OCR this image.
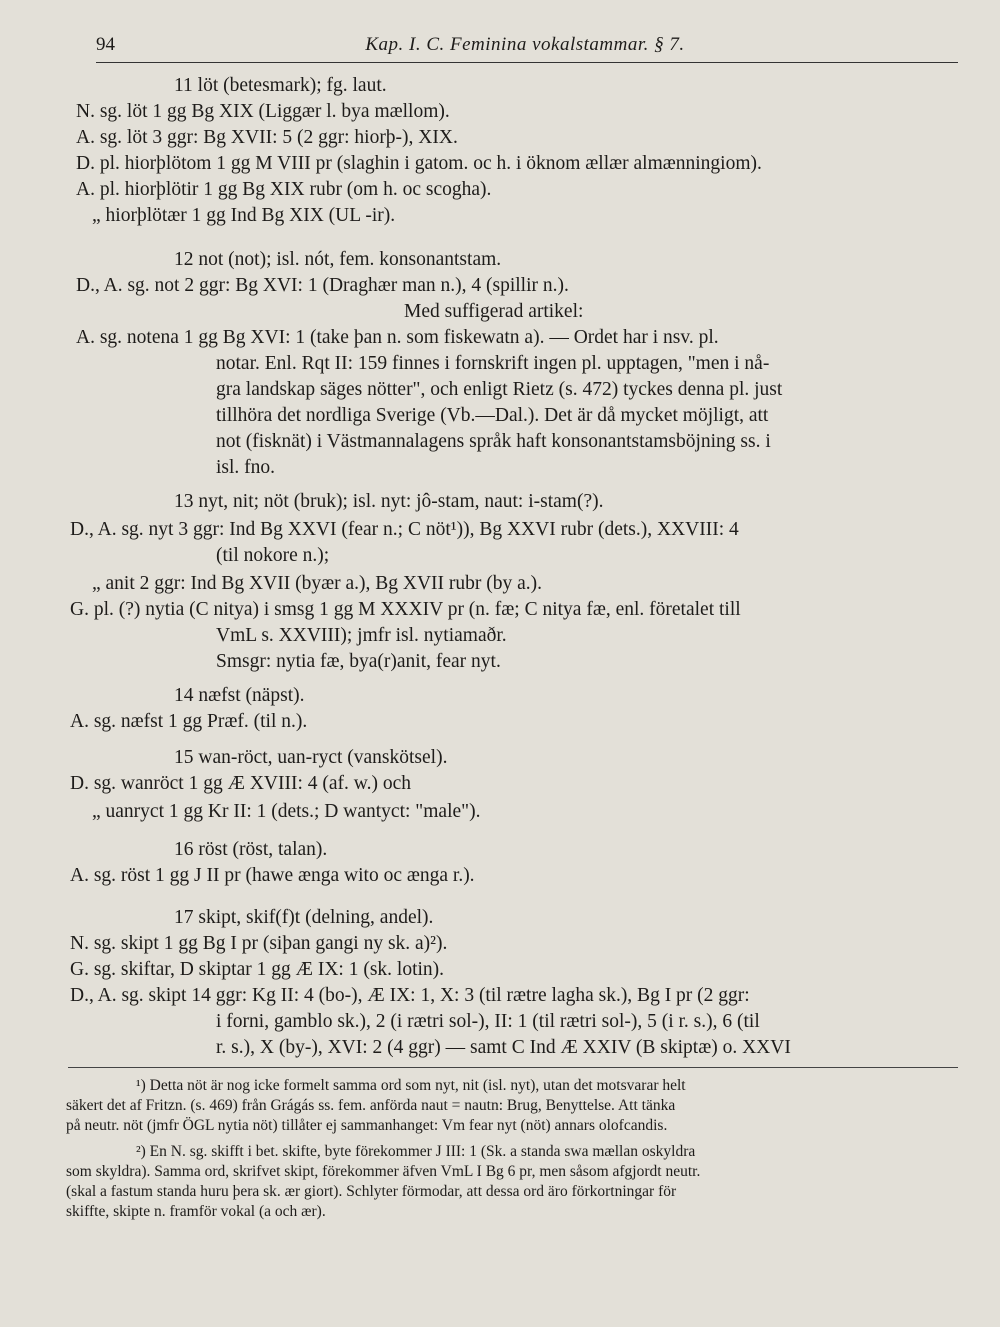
94	Kap. I. C. Feminina vokalstammar. § 7.
11 löt (betesmark); fg. laut.
N. sg. löt 1 gg Bg XIX (Liggær l. bya mællom).
A. sg. löt 3 ggr: Bg XVII: 5 (2 ggr: hiorþ-), XIX.
D. pl. hiorþlötom 1 gg M VIII pr (slaghin i gatom. oc h. i öknom ællær almænningiom).
A. pl. hiorþlötir 1 gg Bg XIX rubr (om h. oc scogha).
„ hiorþlötær 1 gg Ind Bg XIX (UL -ir).
12 not (not); isl. nót, fem. konsonantstam.
D., A. sg. not 2 ggr: Bg XVI: 1 (Draghær man n.), 4 (spillir n.).
Med suffigerad artikel:
A. sg. notena 1 gg Bg XVI: 1 (take þan n. som fiskewatn a). — Ordet har i nsv. pl.
notar. Enl. Rqt II: 159 finnes i fornskrift ingen pl. upptagen, "men i nå-
gra landskap säges nötter", och enligt Rietz (s. 472) tyckes denna pl. just
tillhöra det nordliga Sverige (Vb.—Dal.). Det är då mycket möjligt, att
not (fisknät) i Västmannalagens språk haft konsonantstamsböjning ss. i
isl. fno.
13 nyt, nit; nöt (bruk); isl. nyt: jô-stam, naut: i-stam(?).
D., A. sg. nyt 3 ggr: Ind Bg XXVI (fear n.; C nöt¹)), Bg XXVI rubr (dets.), XXVIII: 4
(til nokore n.);
„ anit 2 ggr: Ind Bg XVII (byær a.), Bg XVII rubr (by a.).
G. pl. (?) nytia (C nitya) i smsg 1 gg M XXXIV pr (n. fæ; C nitya fæ, enl. företalet till
VmL s. XXVIII); jmfr isl. nytiamaðr.
Smsgr: nytia fæ, bya(r)anit, fear nyt.
14 næfst (näpst).
A. sg. næfst 1 gg Præf. (til n.).
15 wan-röct, uan-ryct (vanskötsel).
D. sg. wanröct 1 gg Æ XVIII: 4 (af. w.) och
„ uanryct 1 gg Kr II: 1 (dets.; D wantyct: "male").
16 röst (röst, talan).
A. sg. röst 1 gg J II pr (hawe ænga wito oc ænga r.).
17 skipt, skif(f)t (delning, andel).
N. sg. skipt 1 gg Bg I pr (siþan gangi ny sk. a)²).
G. sg. skiftar, D skiptar 1 gg Æ IX: 1 (sk. lotin).
D., A. sg. skipt 14 ggr: Kg II: 4 (bo-), Æ IX: 1, X: 3 (til rætre lagha sk.), Bg I pr (2 ggr:
i forni, gamblo sk.), 2 (i rætri sol-), II: 1 (til rætri sol-), 5 (i r. s.), 6 (til
r. s.), X (by-), XVI: 2 (4 ggr) — samt C Ind Æ XXIV (B skiptæ) o. XXVI
¹) Detta nöt är nog icke formelt samma ord som nyt, nit (isl. nyt), utan det motsvarar helt
säkert det af Fritzn. (s. 469) från Grágás ss. fem. anförda naut = nautn: Brug, Benyttelse. Att tänka
på neutr. nöt (jmfr ÖGL nytia nöt) tillåter ej sammanhanget: Vm fear nyt (nöt) annars olofcandis.
²) En N. sg. skifft i bet. skifte, byte förekommer J III: 1 (Sk. a standa swa mællan oskyldra
som skyldra). Samma ord, skrifvet skipt, förekommer äfven VmL I Bg 6 pr, men såsom afgjordt neutr.
(skal a fastum standa huru þera sk. ær giort). Schlyter förmodar, att dessa ord äro förkortningar för
skiffte, skipte n. framför vokal (a och ær).
